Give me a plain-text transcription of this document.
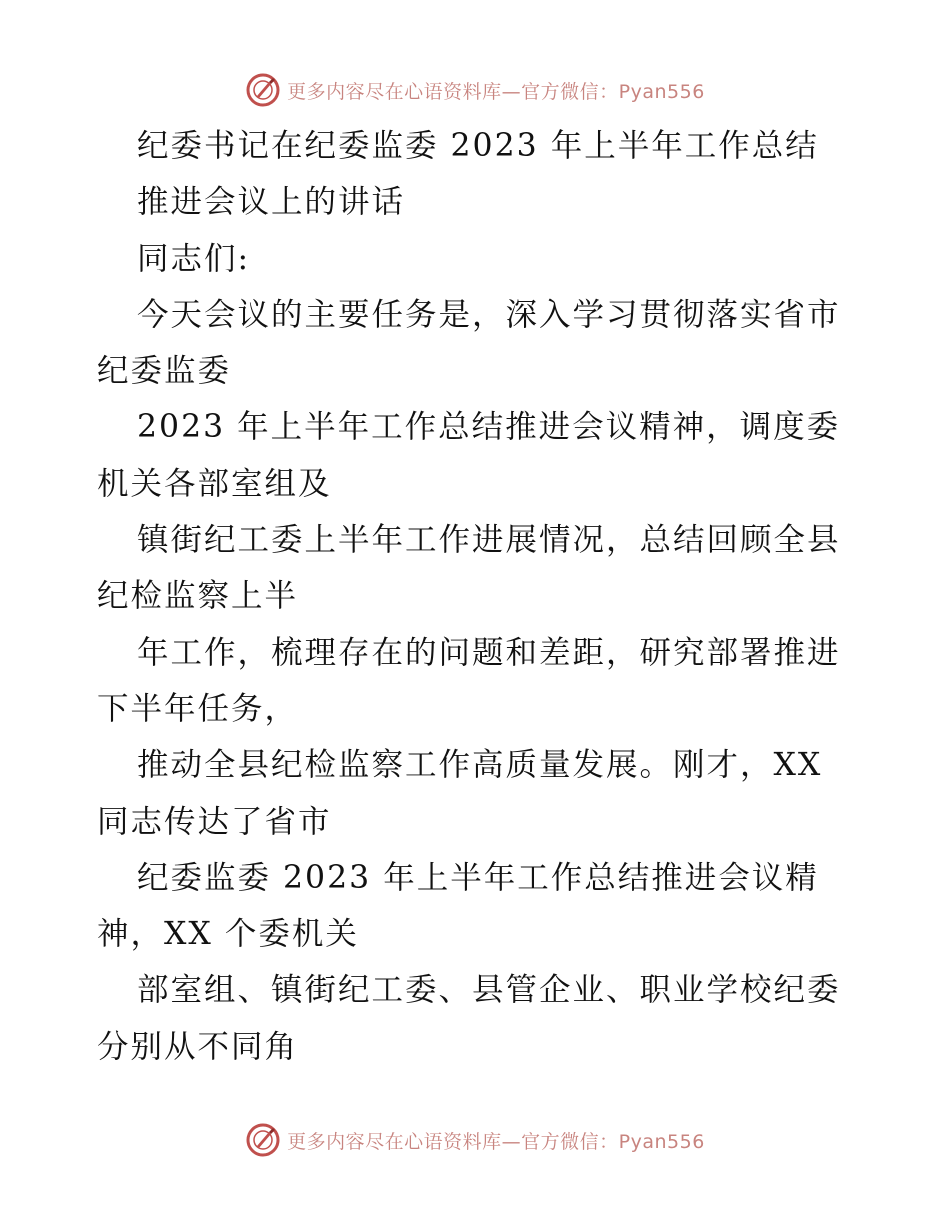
更多内容尽在心语资料库—官方微信：Pyan556
纪委书记在纪委监委 2023 年上半年工作总结
推进会议上的讲话
同志们:
今天会议的主要任务是，深入学习贯彻落实省市
纪委监委
2023 年上半年工作总结推进会议精神，调度委
机关各部室组及
镇街纪工委上半年工作进展情况，总结回顾全县
纪检监察上半
年工作，梳理存在的问题和差距，研究部署推进
下半年任务，
推动全县纪检监察工作高质量发展。刚才，XX
同志传达了省市
纪委监委 2023 年上半年工作总结推进会议精
神，XX 个委机关
部室组、镇街纪工委、县管企业、职业学校纪委
分别从不同角
更多内容尽在心语资料库—官方微信：Pyan556
